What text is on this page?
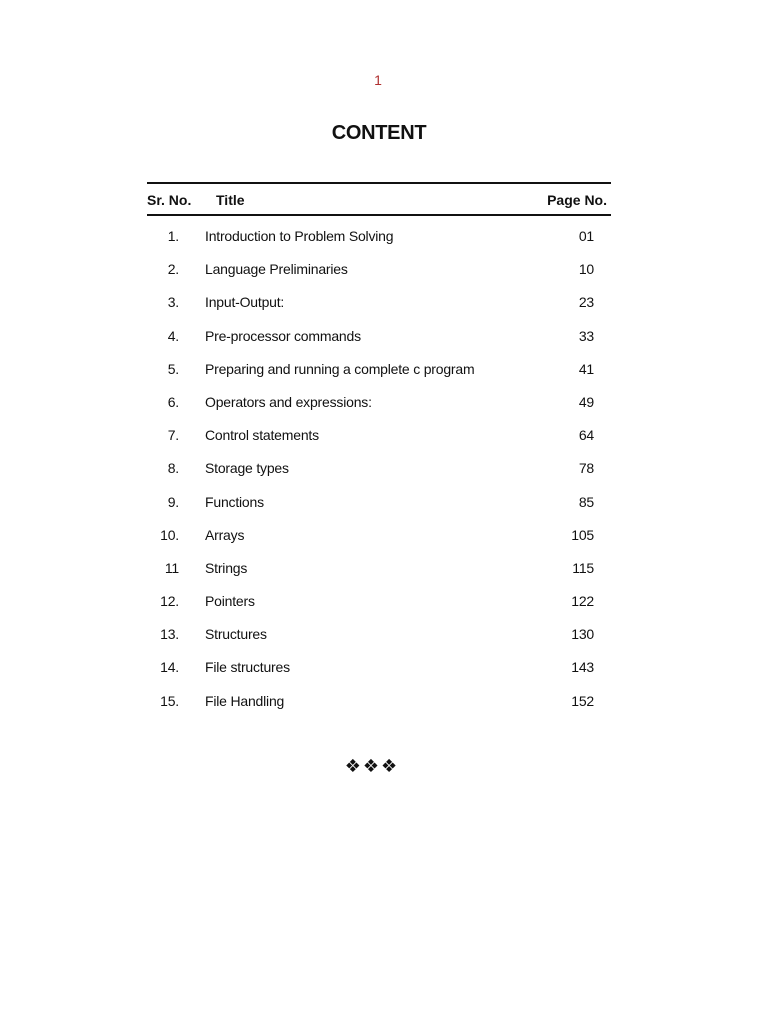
1
CONTENT
Sr. No. Title	Page No.
1. Introduction to Problem Solving	01
2. Language Preliminaries	10
3. Input-Output:	23
4. Pre-processor commands	33
5. Preparing and running a complete c program	41
6. Operators and expressions:	49
7. Control statements	64
8. Storage types	78
9. Functions	85
10. Arrays	105
11 Strings	115
12. Pointers	122
13. Structures	130
14. File structures	143
15. File Handling	152
❖❖❖
